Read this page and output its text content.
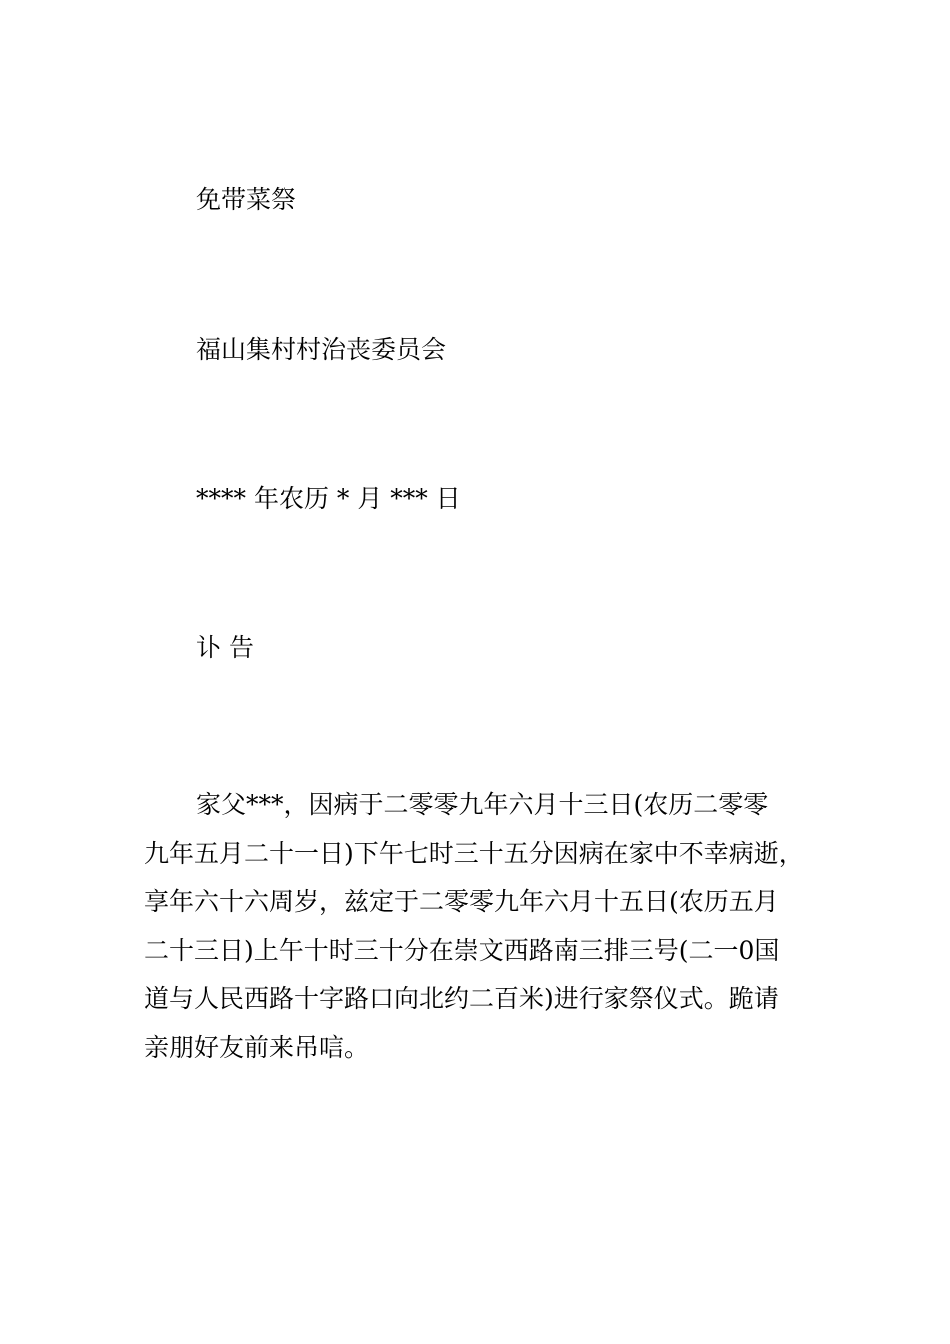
免带菜祭
福山集村村治丧委员会
**** 年农历 * 月 *** 日
讣 告
家父***，因病于二零零九年六月十三日(农历二零零
九年五月二十一日)下午七时三十五分因病在家中不幸病逝，
享年六十六周岁，兹定于二零零九年六月十五日(农历五月
二十三日)上午十时三十分在崇文西路南三排三号(二一0国
道与人民西路十字路口向北约二百米)进行家祭仪式。跪请
亲朋好友前来吊唁。
